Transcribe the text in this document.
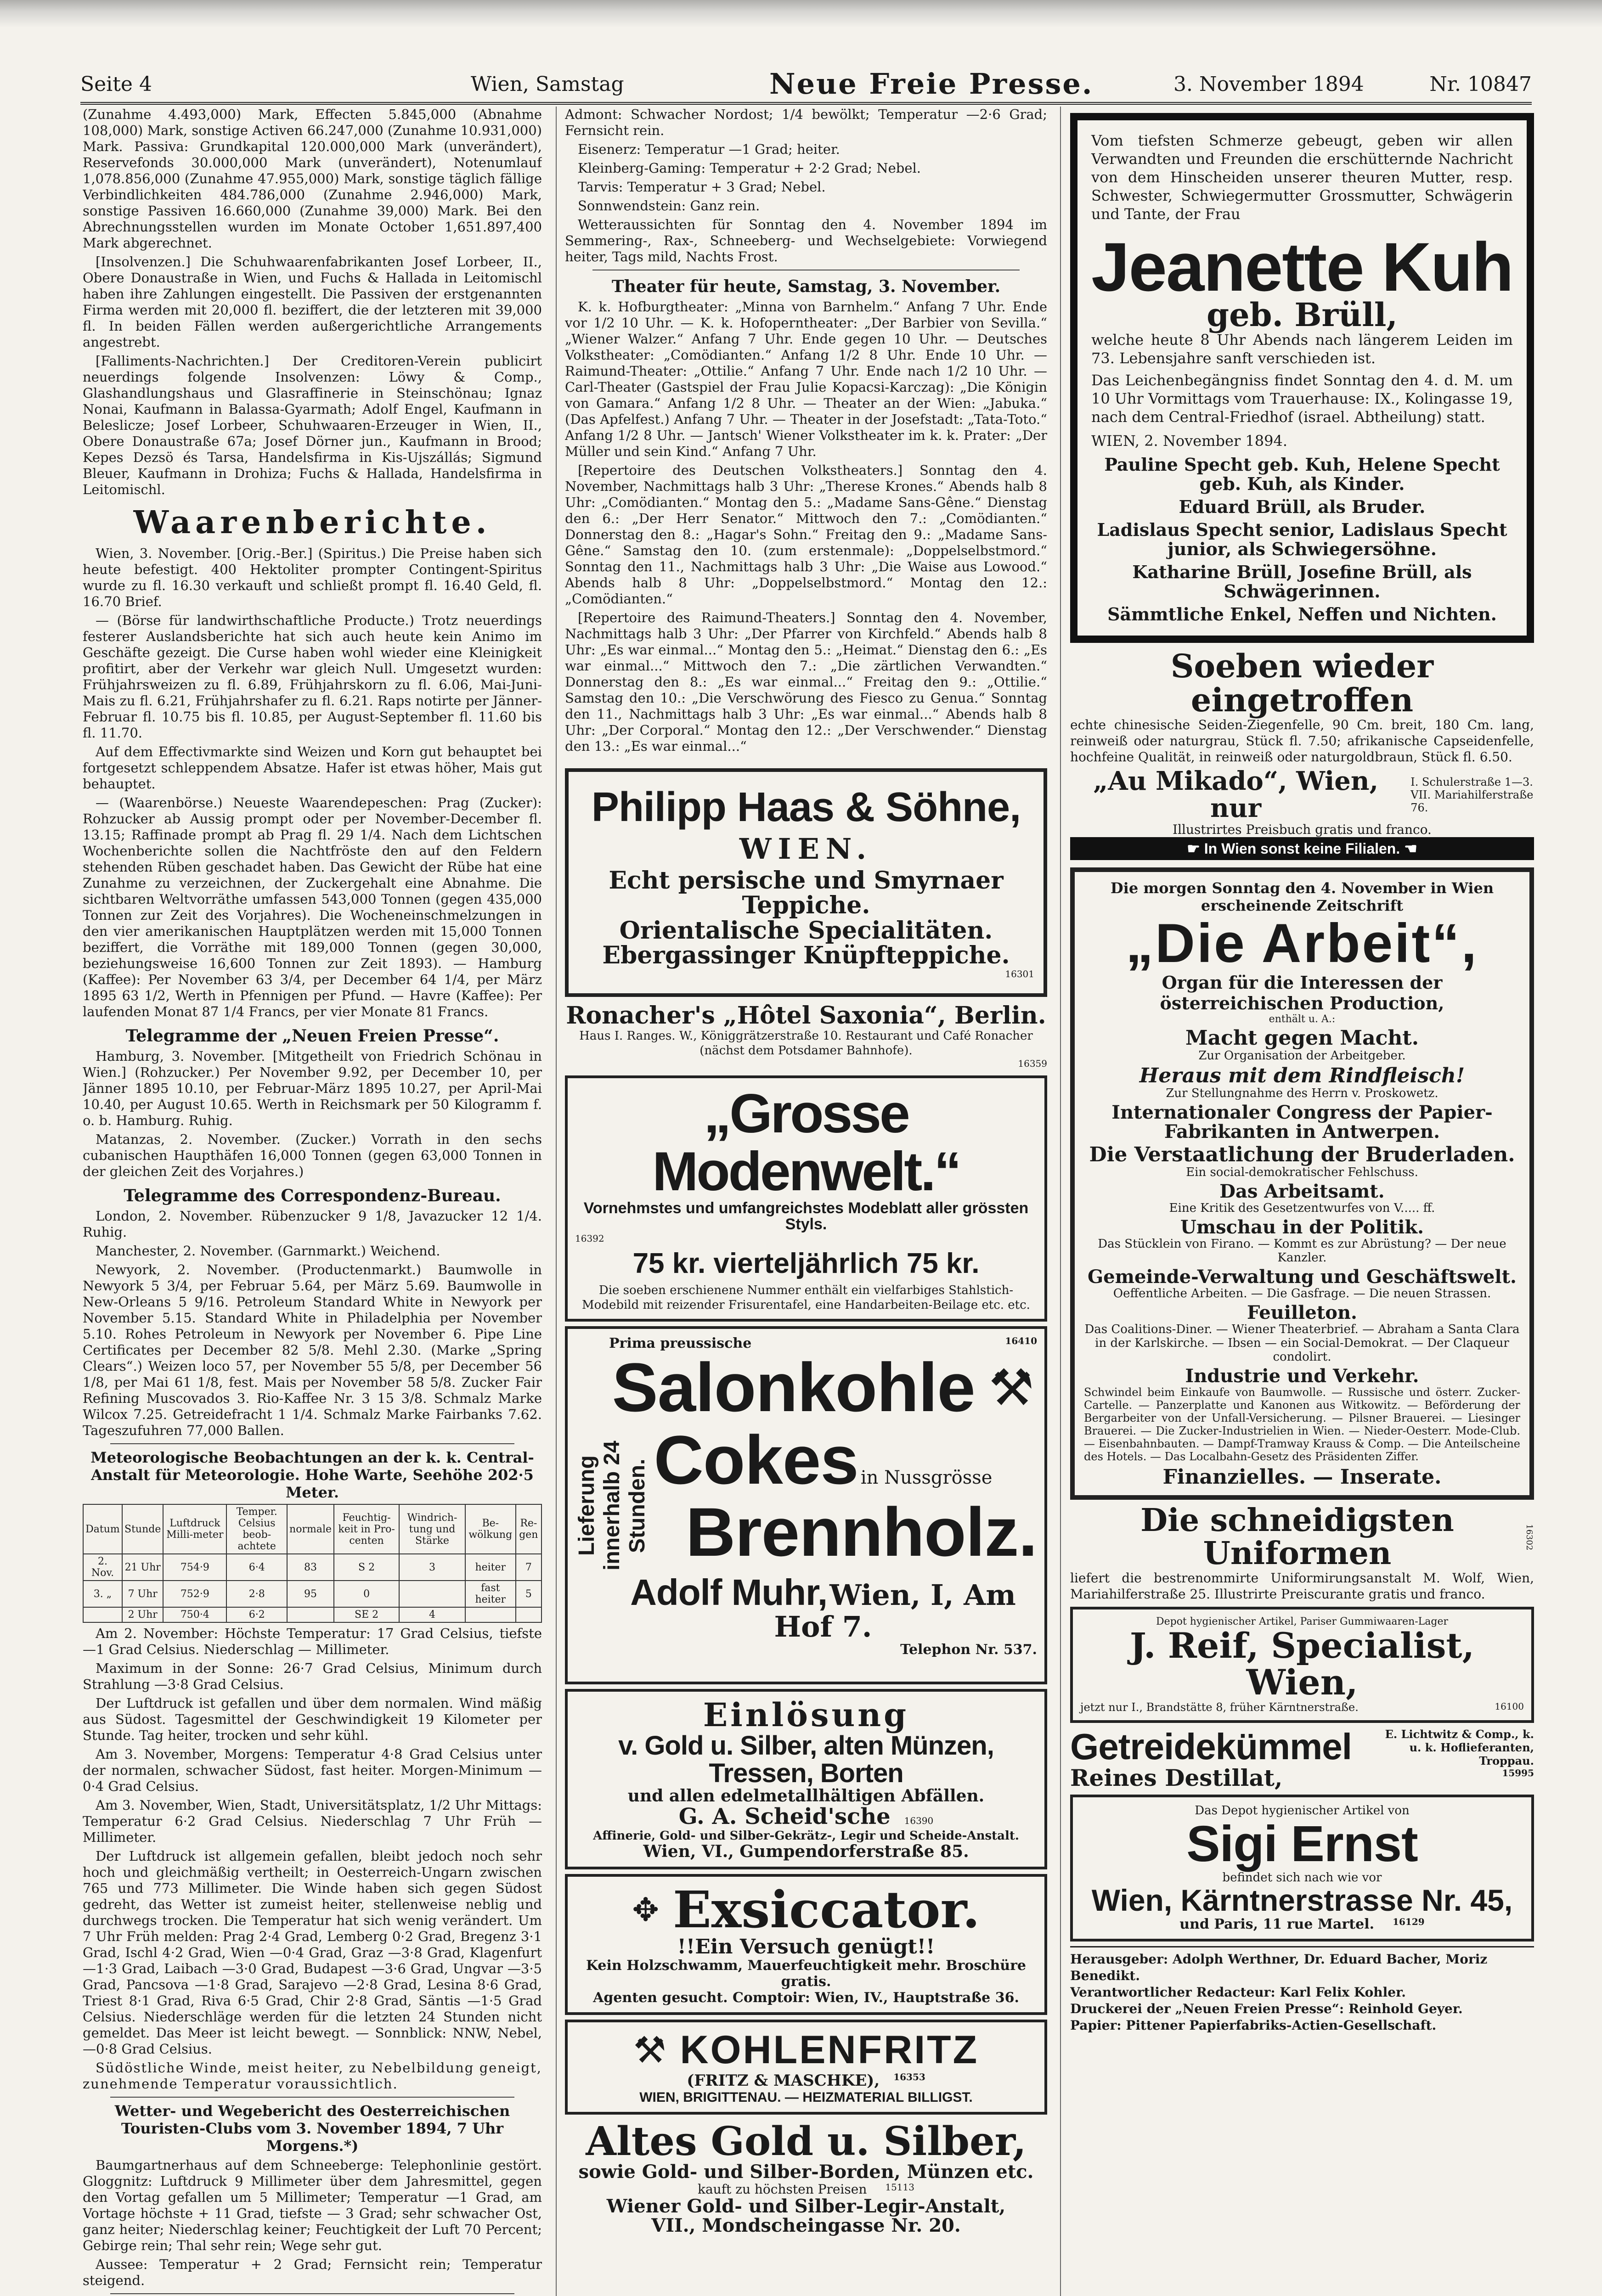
Seite 4	Wien, Samstag	Neue Freie Presse.	3. November 1894	Nr. 10847

(Zunahme 4.493,000) Mark, Effecten 5.845,000 (Abnahme 108,000) Mark, sonstige Activen 66.247,000 (Zunahme 10.931,000) Mark. Passiva: Grundkapital 120.000,000 Mark (unverändert), Reservefonds 30.000,000 Mark (unverändert), Notenumlauf 1,078.856,000 (Zunahme 47.955,000) Mark, sonstige täglich fällige Verbindlichkeiten 484.786,000 (Zunahme 2.946,000) Mark, sonstige Passiven 16.660,000 (Zunahme 39,000) Mark. Bei den Abrechnungsstellen wurden im Monate October 1,651.897,400 Mark abgerechnet.

[Insolvenzen.] Die Schuhwaarenfabrikanten Josef Lorbeer, II., Obere Donaustraße in Wien, und Fuchs & Hallada in Leitomischl haben ihre Zahlungen eingestellt. Die Passiven der erstgenannten Firma werden mit 20,000 fl. beziffert, die der letzteren mit 39,000 fl. In beiden Fällen werden außergerichtliche Arrangements angestrebt.

[Falliments-Nachrichten.] Der Creditoren-Verein publicirt neuerdings folgende Insolvenzen: Löwy & Comp., Glashandlungshaus und Glasraffinerie in Steinschönau; Ignaz Nonai, Kaufmann in Balassa-Gyarmath; Adolf Engel, Kaufmann in Beleslicze; Josef Lorbeer, Schuhwaaren-Erzeuger in Wien, II., Obere Donaustraße 67a; Josef Dörner jun., Kaufmann in Brood; Kepes Dezsö és Tarsa, Handelsfirma in Kis-Ujszállás; Sigmund Bleuer, Kaufmann in Drohiza; Fuchs & Hallada, Handelsfirma in Leitomischl.

Waarenberichte.

Wien, 3. November. [Orig.-Ber.] (Spiritus.) Die Preise haben sich heute befestigt. 400 Hektoliter prompter Contingent-Spiritus wurde zu fl. 16.30 verkauft und schließt prompt fl. 16.40 Geld, fl. 16.70 Brief.

— (Börse für landwirthschaftliche Producte.) Trotz neuerdings festerer Auslandsberichte hat sich auch heute kein Animo im Geschäfte gezeigt. Die Curse haben wohl wieder eine Kleinigkeit profitirt, aber der Verkehr war gleich Null. Umgesetzt wurden: Frühjahrsweizen zu fl. 6.89, Frühjahrskorn zu fl. 6.06, Mai-Juni-Mais zu fl. 6.21, Frühjahrshafer zu fl. 6.21. Raps notirte per Jänner-Februar fl. 10.75 bis fl. 10.85, per August-September fl. 11.60 bis fl. 11.70.

Auf dem Effectivmarkte sind Weizen und Korn gut behauptet bei fortgesetzt schleppendem Absatze. Hafer ist etwas höher, Mais gut behauptet.

— (Waarenbörse.) Neueste Waarendepeschen: Prag (Zucker): Rohzucker ab Aussig prompt oder per November-December fl. 13.15; Raffinade prompt ab Prag fl. 29 1/4. Nach dem Lichtschen Wochenberichte sollen die Nachtfröste den auf den Feldern stehenden Rüben geschadet haben. Das Gewicht der Rübe hat eine Zunahme zu verzeichnen, der Zuckergehalt eine Abnahme. Die sichtbaren Weltvorräthe umfassen 543,000 Tonnen (gegen 435,000 Tonnen zur Zeit des Vorjahres). Die Wocheneinschmelzungen in den vier amerikanischen Hauptplätzen werden mit 15,000 Tonnen beziffert, die Vorräthe mit 189,000 Tonnen (gegen 30,000, beziehungsweise 16,600 Tonnen zur Zeit 1893). — Hamburg (Kaffee): Per November 63 3/4, per December 64 1/4, per März 1895 63 1/2, Werth in Pfennigen per Pfund. — Havre (Kaffee): Per laufenden Monat 87 1/4 Francs, per vier Monate 81 Francs.

Telegramme der „Neuen Freien Presse“.

Hamburg, 3. November. [Mitgetheilt von Friedrich Schönau in Wien.] (Rohzucker.) Per November 9.92, per December 10, per Jänner 1895 10.10, per Februar-März 1895 10.27, per April-Mai 10.40, per August 10.65. Werth in Reichsmark per 50 Kilogramm f. o. b. Hamburg. Ruhig.

Matanzas, 2. November. (Zucker.) Vorrath in den sechs cubanischen Haupthäfen 16,000 Tonnen (gegen 63,000 Tonnen in der gleichen Zeit des Vorjahres.)

Telegramme des Correspondenz-Bureau.

London, 2. November. Rübenzucker 9 1/8, Javazucker 12 1/4. Ruhig.

Manchester, 2. November. (Garnmarkt.) Weichend.

Newyork, 2. November. (Productenmarkt.) Baumwolle in Newyork 5 3/4, per Februar 5.64, per März 5.69. Baumwolle in New-Orleans 5 9/16. Petroleum Standard White in Newyork per November 5.15. Standard White in Philadelphia per November 5.10. Rohes Petroleum in Newyork per November 6. Pipe Line Certificates per December 82 5/8. Mehl 2.30. (Marke „Spring Clears“.) Weizen loco 57, per November 55 5/8, per December 56 1/8, per Mai 61 1/8, fest. Mais per November 58 5/8. Zucker Fair Refining Muscovados 3. Rio-Kaffee Nr. 3 15 3/8. Schmalz Marke Wilcox 7.25. Getreidefracht 1 1/4. Schmalz Marke Fairbanks 7.62. Tageszufuhren 77,000 Ballen.

Meteorologische Beobachtungen an der k. k. Central-Anstalt für Meteorologie. Hohe Warte, Seehöhe 202·5 Meter.
Datum	Stunde	Luftdruck Milli-meter	Temper. Celsius beob-achtete	normale	Feuchtig-keit in Pro-centen	Windrich-tung und Stärke	Be-wölkung	Re-gen
2. Nov.	21 Uhr	754·9	6·4	83	S 2	3	heiter	7
3. „	7 Uhr	752·9	2·8	95	0		fast heiter	5
	2 Uhr	750·4	6·2		SE 2	4		

Am 2. November: Höchste Temperatur: 17 Grad Celsius, tiefste —1 Grad Celsius. Niederschlag — Millimeter.

Maximum in der Sonne: 26·7 Grad Celsius, Minimum durch Strahlung —3·8 Grad Celsius.

Der Luftdruck ist gefallen und über dem normalen. Wind mäßig aus Südost. Tagesmittel der Geschwindigkeit 19 Kilometer per Stunde. Tag heiter, trocken und sehr kühl.

Am 3. November, Morgens: Temperatur 4·8 Grad Celsius unter der normalen, schwacher Südost, fast heiter. Morgen-Minimum —0·4 Grad Celsius.

Am 3. November, Wien, Stadt, Universitätsplatz, 1/2 Uhr Mittags: Temperatur 6·2 Grad Celsius. Niederschlag 7 Uhr Früh — Millimeter.

Der Luftdruck ist allgemein gefallen, bleibt jedoch noch sehr hoch und gleichmäßig vertheilt; in Oesterreich-Ungarn zwischen 765 und 773 Millimeter. Die Winde haben sich gegen Südost gedreht, das Wetter ist zumeist heiter, stellenweise neblig und durchwegs trocken. Die Temperatur hat sich wenig verändert. Um 7 Uhr Früh melden: Prag 2·4 Grad, Lemberg 0·2 Grad, Bregenz 3·1 Grad, Ischl 4·2 Grad, Wien —0·4 Grad, Graz —3·8 Grad, Klagenfurt —1·3 Grad, Laibach —3·0 Grad, Budapest —3·6 Grad, Ungvar —3·5 Grad, Pancsova —1·8 Grad, Sarajevo —2·8 Grad, Lesina 8·6 Grad, Triest 8·1 Grad, Riva 6·5 Grad, Chir 2·8 Grad, Säntis —1·5 Grad Celsius. Niederschläge werden für die letzten 24 Stunden nicht gemeldet. Das Meer ist leicht bewegt. — Sonnblick: NNW, Nebel, —0·8 Grad Celsius.

Südöstliche Winde, meist heiter, zu Nebelbildung geneigt, zunehmende Temperatur voraussichtlich.

Wetter- und Wegebericht des Oesterreichischen Touristen-Clubs vom 3. November 1894, 7 Uhr Morgens.*)

Baumgartnerhaus auf dem Schneeberge: Telephonlinie gestört. Gloggnitz: Luftdruck 9 Millimeter über dem Jahresmittel, gegen den Vortag gefallen um 5 Millimeter; Temperatur —1 Grad, am Vortage höchste + 11 Grad, tiefste — 3 Grad; sehr schwacher Ost, ganz heiter; Niederschlag keiner; Feuchtigkeit der Luft 70 Percent; Gebirge rein; Thal sehr rein; Wege sehr gut.

Aussee: Temperatur + 2 Grad; Fernsicht rein; Temperatur steigend.

Admont: Schwacher Nordost; 1/4 bewölkt; Temperatur —2·6 Grad; Fernsicht rein.

Eisenerz: Temperatur —1 Grad; heiter.

Kleinberg-Gaming: Temperatur + 2·2 Grad; Nebel.

Tarvis: Temperatur + 3 Grad; Nebel.

Sonnwendstein: Ganz rein.

Wetteraussichten für Sonntag den 4. November 1894 im Semmering-, Rax-, Schneeberg- und Wechselgebiete: Vorwiegend heiter, Tags mild, Nachts Frost.

Theater für heute, Samstag, 3. November.

K. k. Hofburgtheater: „Minna von Barnhelm.“ Anfang 7 Uhr. Ende vor 1/2 10 Uhr. — K. k. Hofoperntheater: „Der Barbier von Sevilla.“ „Wiener Walzer.“ Anfang 7 Uhr. Ende gegen 10 Uhr. — Deutsches Volkstheater: „Comödianten.“ Anfang 1/2 8 Uhr. Ende 10 Uhr. — Raimund-Theater: „Ottilie.“ Anfang 7 Uhr. Ende nach 1/2 10 Uhr. — Carl-Theater (Gastspiel der Frau Julie Kopacsi-Karczag): „Die Königin von Gamara.“ Anfang 1/2 8 Uhr. — Theater an der Wien: „Jabuka.“ (Das Apfelfest.) Anfang 7 Uhr. — Theater in der Josefstadt: „Tata-Toto.“ Anfang 1/2 8 Uhr. — Jantsch' Wiener Volkstheater im k. k. Prater: „Der Müller und sein Kind.“ Anfang 7 Uhr.

[Repertoire des Deutschen Volkstheaters.] Sonntag den 4. November, Nachmittags halb 3 Uhr: „Therese Krones.“ Abends halb 8 Uhr: „Comödianten.“ Montag den 5.: „Madame Sans-Gêne.“ Dienstag den 6.: „Der Herr Senator.“ Mittwoch den 7.: „Comödianten.“ Donnerstag den 8.: „Hagar's Sohn.“ Freitag den 9.: „Madame Sans-Gêne.“ Samstag den 10. (zum erstenmale): „Doppelselbstmord.“ Sonntag den 11., Nachmittags halb 3 Uhr: „Die Waise aus Lowood.“ Abends halb 8 Uhr: „Doppelselbstmord.“ Montag den 12.: „Comödianten.“

[Repertoire des Raimund-Theaters.] Sonntag den 4. November, Nachmittags halb 3 Uhr: „Der Pfarrer von Kirchfeld.“ Abends halb 8 Uhr: „Es war einmal...“ Montag den 5.: „Heimat.“ Dienstag den 6.: „Es war einmal...“ Mittwoch den 7.: „Die zärtlichen Verwandten.“ Donnerstag den 8.: „Es war einmal...“ Freitag den 9.: „Ottilie.“ Samstag den 10.: „Die Verschwörung des Fiesco zu Genua.“ Sonntag den 11., Nachmittags halb 3 Uhr: „Es war einmal...“ Abends halb 8 Uhr: „Der Corporal.“ Montag den 12.: „Der Verschwender.“ Dienstag den 13.: „Es war einmal...“

Philipp Haas & Söhne,
WIEN.
Echt persische und Smyrnaer Teppiche.
Orientalische Specialitäten.
Ebergassinger Knüpfteppiche.
16301
Ronacher's „Hôtel Saxonia“, Berlin.
Haus I. Ranges. W., Königgrätzerstraße 10. Restaurant und Café Ronacher (nächst dem Potsdamer Bahnhofe).
16359
„Grosse Modenwelt.“
Vornehmstes und umfangreichstes Modeblatt aller grössten Styls.
16392
75 kr. vierteljährlich 75 kr.
Die soeben erschienene Nummer enthält ein vielfarbiges Stahlstich-Modebild mit reizender Frisurentafel, eine Handarbeiten-Beilage etc. etc.
Prima preussische	16410
Lieferung innerhalb 24 Stunden.
Salonkohle ⚒
Cokes in Nussgrösse
Brennholz.
Adolf Muhr, Wien, I, Am Hof 7.
Telephon Nr. 537.
Einlösung
v. Gold u. Silber, alten Münzen, Tressen, Borten
und allen edelmetallhältigen Abfällen.
G. A. Scheid'sche 16390
Affinerie, Gold- und Silber-Gekrätz-, Legir und Scheide-Anstalt.
Wien, VI., Gumpendorferstraße 85.
✥ Exsiccator.
!!Ein Versuch genügt!!
Kein Holzschwamm, Mauerfeuchtigkeit mehr. Broschüre gratis.
Agenten gesucht. Comptoir: Wien, IV., Hauptstraße 36.
⚒ KOHLENFRITZ
(FRITZ & MASCHKE), 16353
WIEN, BRIGITTENAU. — HEIZMATERIAL BILLIGST.
Altes Gold u. Silber,
sowie Gold- und Silber-Borden, Münzen etc.
kauft zu höchsten Preisen 15113
Wiener Gold- und Silber-Legir-Anstalt,
VII., Mondscheingasse Nr. 20.
Vom tiefsten Schmerze gebeugt, geben wir allen Verwandten und Freunden die erschütternde Nachricht von dem Hinscheiden unserer theuren Mutter, resp. Schwester, Schwiegermutter Grossmutter, Schwägerin und Tante, der Frau
Jeanette Kuh
geb. Brüll,
welche heute 8 Uhr Abends nach längerem Leiden im 73. Lebensjahre sanft verschieden ist.
Das Leichenbegängniss findet Sonntag den 4. d. M. um 10 Uhr Vormittags vom Trauerhause: IX., Kolingasse 19, nach dem Central-Friedhof (israel. Abtheilung) statt.
WIEN, 2. November 1894.
Pauline Specht geb. Kuh, Helene Specht geb. Kuh, als Kinder.
Eduard Brüll, als Bruder.
Ladislaus Specht senior, Ladislaus Specht junior, als Schwiegersöhne.
Katharine Brüll, Josefine Brüll, als Schwägerinnen.
Sämmtliche Enkel, Neffen und Nichten.
Soeben wieder eingetroffen

echte chinesische Seiden-Ziegenfelle, 90 Cm. breit, 180 Cm. lang, reinweiß oder naturgrau, Stück fl. 7.50; afrikanische Capseidenfelle, hochfeine Qualität, in reinweiß oder naturgoldbraun, Stück fl. 6.50.

„Au Mikado“, Wien, nur
I. Schulerstraße 1—3. VII. Mariahilferstraße 76.
Illustrirtes Preisbuch gratis und franco.
☛ In Wien sonst keine Filialen. ☚
Die morgen Sonntag den 4. November in Wien erscheinende Zeitschrift
„Die Arbeit“,
Organ für die Interessen der österreichischen Production,
enthält u. A.:
Macht gegen Macht.
Zur Organisation der Arbeitgeber.
Heraus mit dem Rindfleisch!
Zur Stellungnahme des Herrn v. Proskowetz.
Internationaler Congress der Papier-Fabrikanten in Antwerpen.
Die Verstaatlichung der Bruderladen.
Ein social-demokratischer Fehlschuss.
Das Arbeitsamt.
Eine Kritik des Gesetzentwurfes von V..... ff.
Umschau in der Politik.
Das Stücklein von Firano. — Kommt es zur Abrüstung? — Der neue Kanzler.
Gemeinde-Verwaltung und Geschäftswelt.
Oeffentliche Arbeiten. — Die Gasfrage. — Die neuen Strassen.
Feuilleton.
Das Coalitions-Diner. — Wiener Theaterbrief. — Abraham a Santa Clara in der Karlskirche. — Ibsen — ein Social-Demokrat. — Der Claqueur condolirt.
Industrie und Verkehr.
Schwindel beim Einkaufe von Baumwolle. — Russische und österr. Zucker-Cartelle. — Panzerplatte und Kanonen aus Witkowitz. — Beförderung der Bergarbeiter von der Unfall-Versicherung. — Pilsner Brauerei. — Liesinger Brauerei. — Die Zucker-Industrielien in Wien. — Nieder-Oesterr. Mode-Club. — Eisenbahnbauten. — Dampf-Tramway Krauss & Comp. — Die Anteilscheine des Hotels. — Das Localbahn-Gesetz des Präsidenten Ziffer.
Finanzielles. — Inserate.
Die schneidigsten Uniformen	16302

liefert die bestrenommirte Uniformirungsanstalt M. Wolf, Wien, Mariahilferstraße 25. Illustrirte Preiscurante gratis und franco.

Depot hygienischer Artikel, Pariser Gummiwaaren-Lager
J. Reif, Specialist, Wien,
jetzt nur I., Brandstätte 8, früher Kärntnerstraße.	16100
Getreidekümmel
Reines Destillat,
E. Lichtwitz & Comp., k. u. k. Hoflieferanten, Troppau.
15995
Das Depot hygienischer Artikel von
Sigi Ernst
befindet sich nach wie vor
Wien, Kärntnerstrasse Nr. 45,
und Paris, 11 rue Martel. 16129
Herausgeber: Adolph Werthner, Dr. Eduard Bacher, Moriz Benedikt.
Verantwortlicher Redacteur: Karl Felix Kohler.
Druckerei der „Neuen Freien Presse“: Reinhold Geyer.
Papier: Pittener Papierfabriks-Actien-Gesellschaft.
